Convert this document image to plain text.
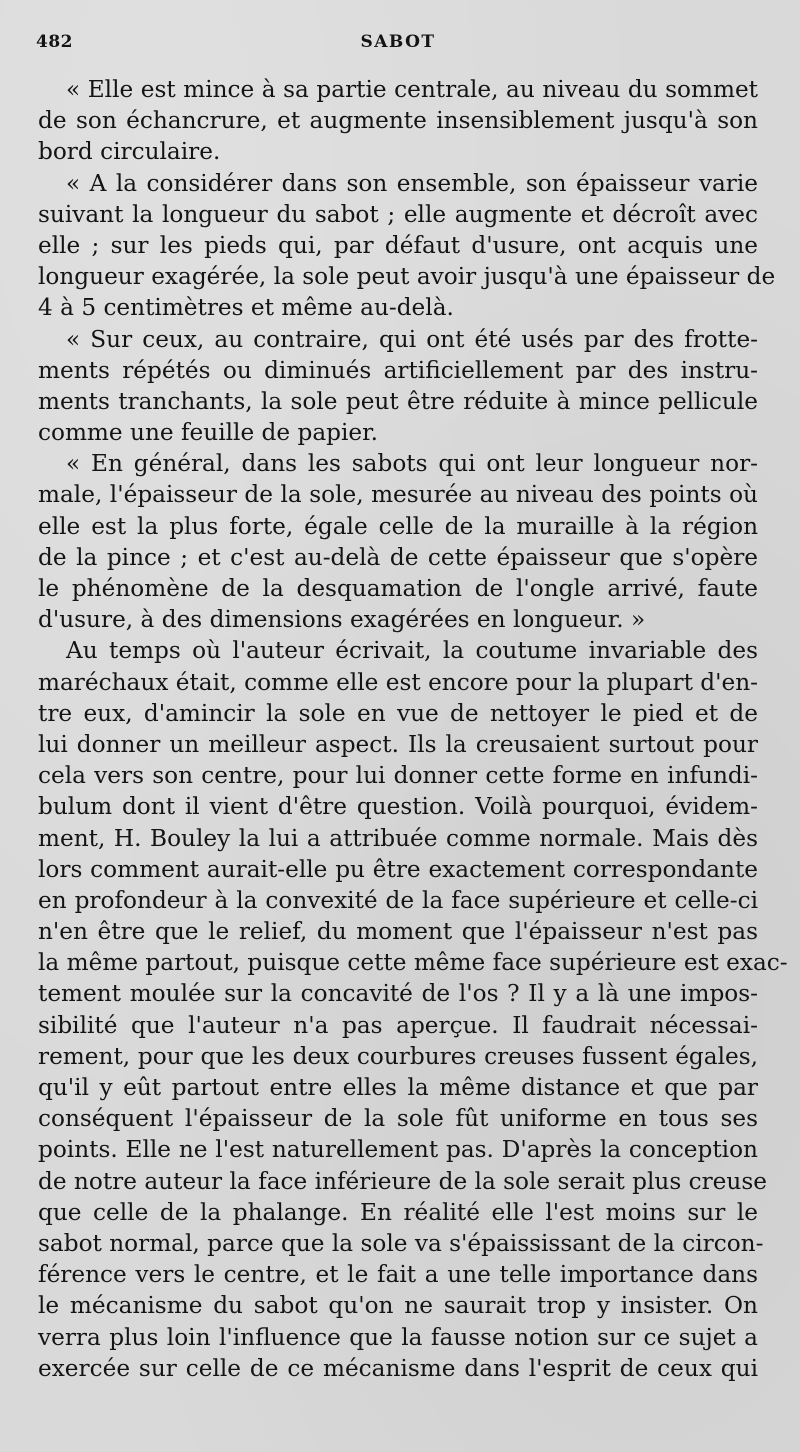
482	SABOT
« Elle est mince à sa partie centrale, au niveau du sommet
de son échancrure, et augmente insensiblement jusqu'à son
bord circulaire.
« A la considérer dans son ensemble, son épaisseur varie
suivant la longueur du sabot ; elle augmente et décroît avec
elle ; sur les pieds qui, par défaut d'usure, ont acquis une
longueur exagérée, la sole peut avoir jusqu'à une épaisseur de
4 à 5 centimètres et même au-delà.
« Sur ceux, au contraire, qui ont été usés par des frotte-
ments répétés ou diminués artificiellement par des instru-
ments tranchants, la sole peut être réduite à mince pellicule
comme une feuille de papier.
« En général, dans les sabots qui ont leur longueur nor-
male, l'épaisseur de la sole, mesurée au niveau des points où
elle est la plus forte, égale celle de la muraille à la région
de la pince ; et c'est au-delà de cette épaisseur que s'opère
le phénomène de la desquamation de l'ongle arrivé, faute
d'usure, à des dimensions exagérées en longueur. »
Au temps où l'auteur écrivait, la coutume invariable des
maréchaux était, comme elle est encore pour la plupart d'en-
tre eux, d'amincir la sole en vue de nettoyer le pied et de
lui donner un meilleur aspect. Ils la creusaient surtout pour
cela vers son centre, pour lui donner cette forme en infundi-
bulum dont il vient d'être question. Voilà pourquoi, évidem-
ment, H. Bouley la lui a attribuée comme normale. Mais dès
lors comment aurait-elle pu être exactement correspondante
en profondeur à la convexité de la face supérieure et celle-ci
n'en être que le relief, du moment que l'épaisseur n'est pas
la même partout, puisque cette même face supérieure est exac-
tement moulée sur la concavité de l'os ? Il y a là une impos-
sibilité que l'auteur n'a pas aperçue. Il faudrait nécessai-
rement, pour que les deux courbures creuses fussent égales,
qu'il y eût partout entre elles la même distance et que par
conséquent l'épaisseur de la sole fût uniforme en tous ses
points. Elle ne l'est naturellement pas. D'après la conception
de notre auteur la face inférieure de la sole serait plus creuse
que celle de la phalange. En réalité elle l'est moins sur le
sabot normal, parce que la sole va s'épaississant de la circon-
férence vers le centre, et le fait a une telle importance dans
le mécanisme du sabot qu'on ne saurait trop y insister. On
verra plus loin l'influence que la fausse notion sur ce sujet a
exercée sur celle de ce mécanisme dans l'esprit de ceux qui
